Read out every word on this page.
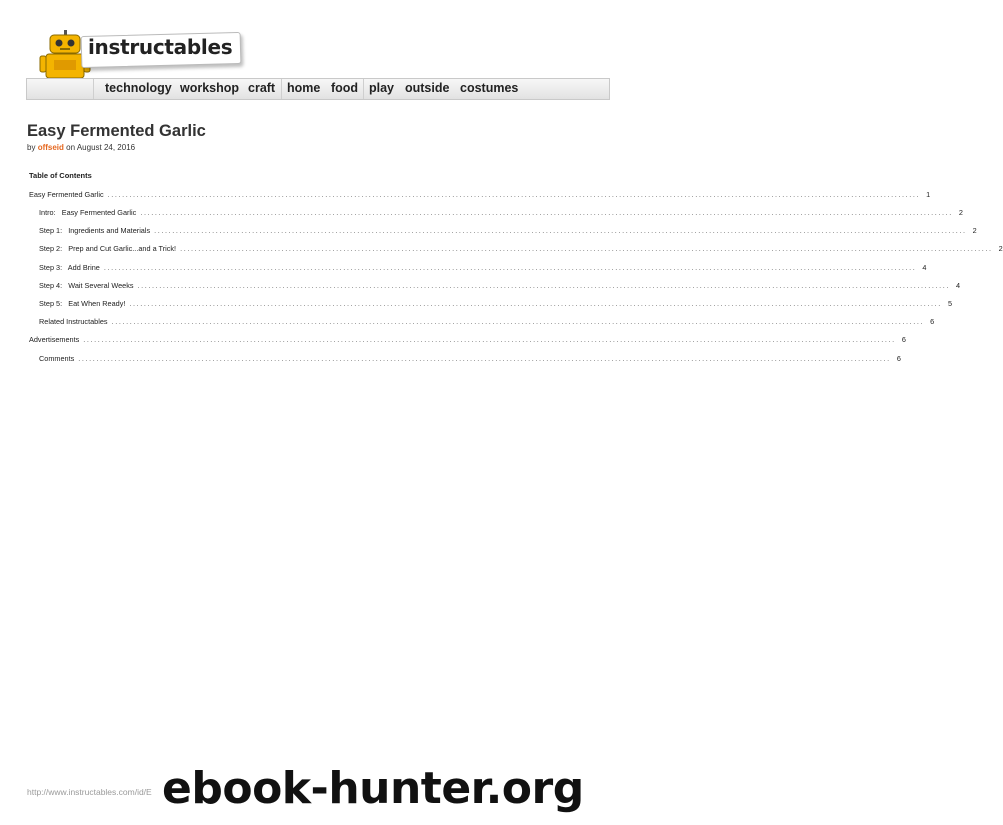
instructables
technology workshop craft home food play outside costumes
Easy Fermented Garlic
by offseid on August 24, 2016
Table of Contents
Easy Fermented Garlic ................................................................................................................................................................................................................................ 1
Intro:   Easy Fermented Garlic ................................................................................................................................................................................................................................ 2
Step 1:   Ingredients and Materials ................................................................................................................................................................................................................................ 2
Step 2:   Prep and Cut Garlic...and a Trick! ................................................................................................................................................................................................................................ 2
Step 3:   Add Brine ................................................................................................................................................................................................................................ 4
Step 4:   Wait Several Weeks ................................................................................................................................................................................................................................ 4
Step 5:   Eat When Ready! ................................................................................................................................................................................................................................ 5
Related Instructables ................................................................................................................................................................................................................................ 6
Advertisements ................................................................................................................................................................................................................................ 6
Comments ................................................................................................................................................................................................................................ 6
http://www.instructables.com/id/E ebook-hunter.org
